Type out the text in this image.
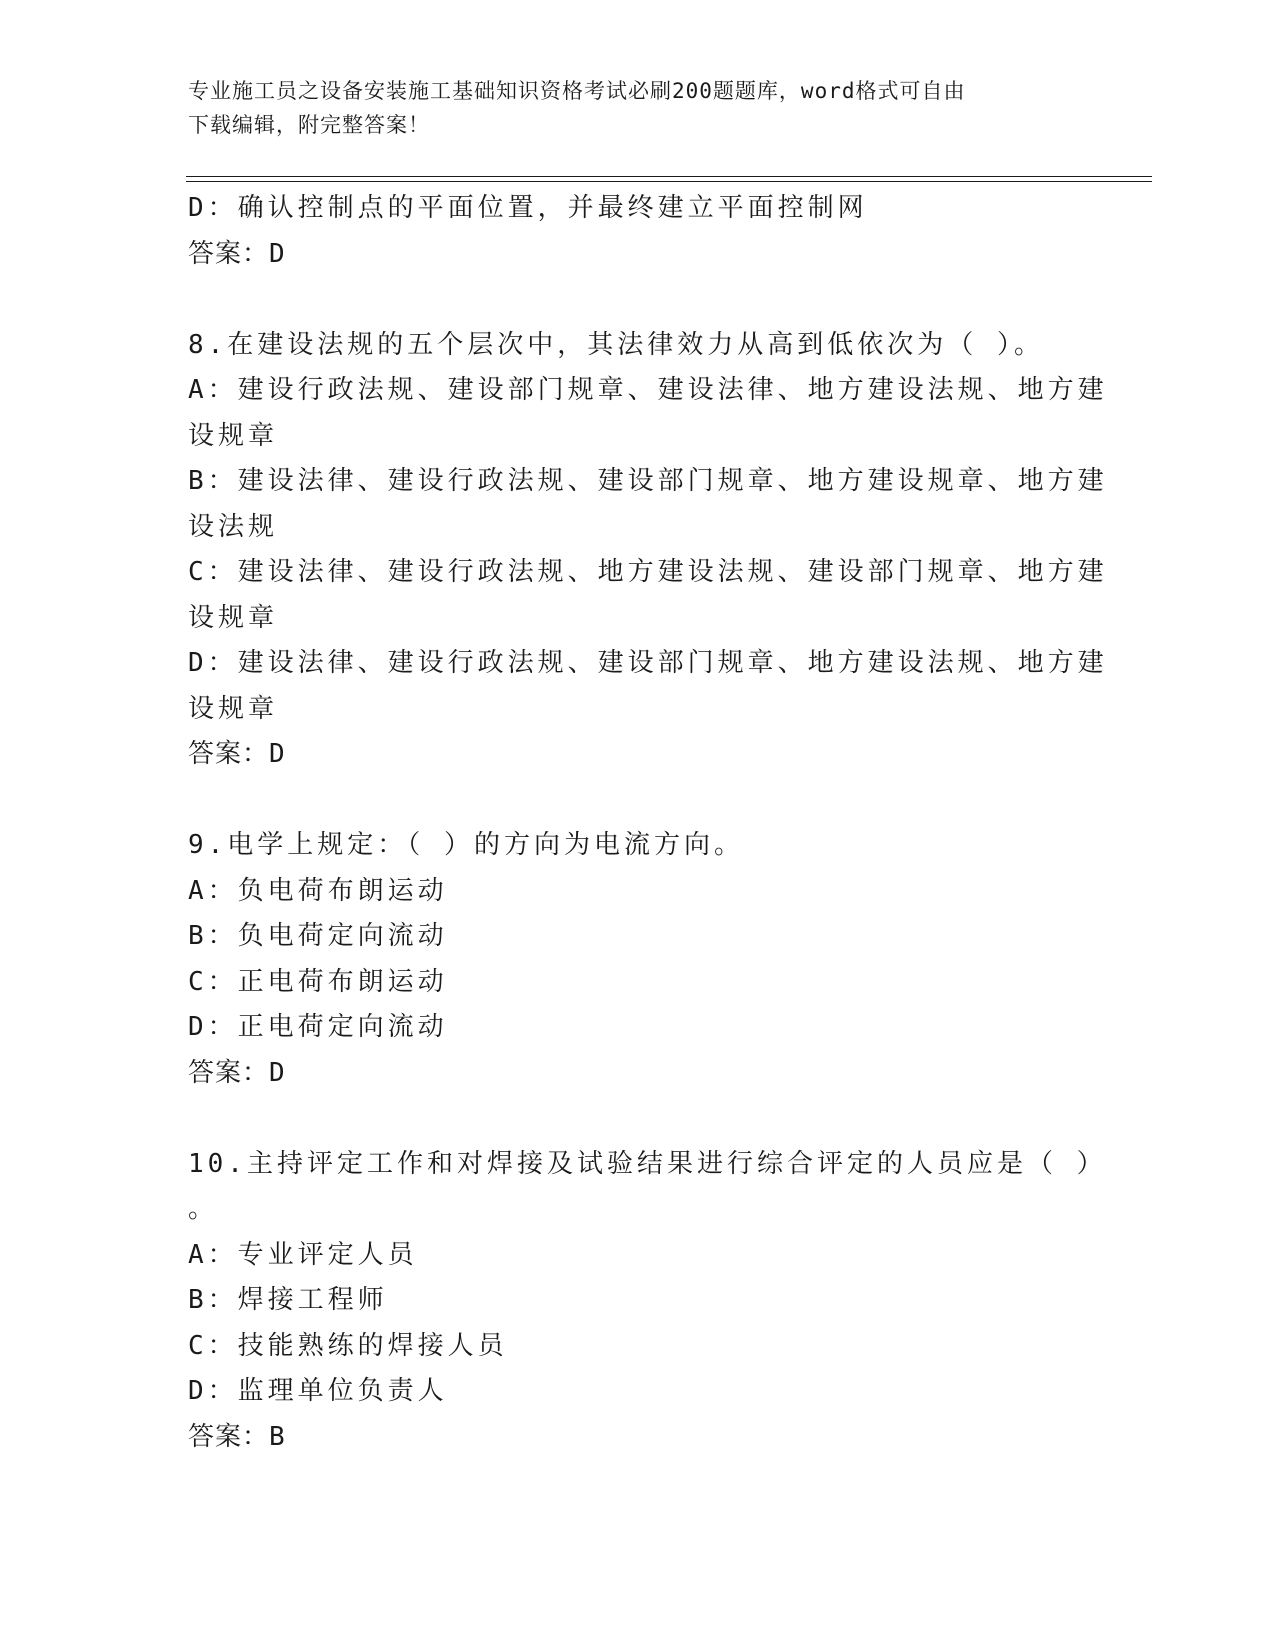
专业施工员之设备安装施工基础知识资格考试必刷200题题库，word格式可自由
下载编辑，附完整答案！
D：确认控制点的平面位置，并最终建立平面控制网
答案：D
8.在建设法规的五个层次中，其法律效力从高到低依次为（ ）。
A：建设行政法规、建设部门规章、建设法律、地方建设法规、地方建
设规章
B：建设法律、建设行政法规、建设部门规章、地方建设规章、地方建
设法规
C：建设法律、建设行政法规、地方建设法规、建设部门规章、地方建
设规章
D：建设法律、建设行政法规、建设部门规章、地方建设法规、地方建
设规章
答案：D
9.电学上规定：（ ）的方向为电流方向。
A：负电荷布朗运动
B：负电荷定向流动
C：正电荷布朗运动
D：正电荷定向流动
答案：D
10.主持评定工作和对焊接及试验结果进行综合评定的人员应是（ ）
。
A：专业评定人员
B：焊接工程师
C：技能熟练的焊接人员
D：监理单位负责人
答案：B
